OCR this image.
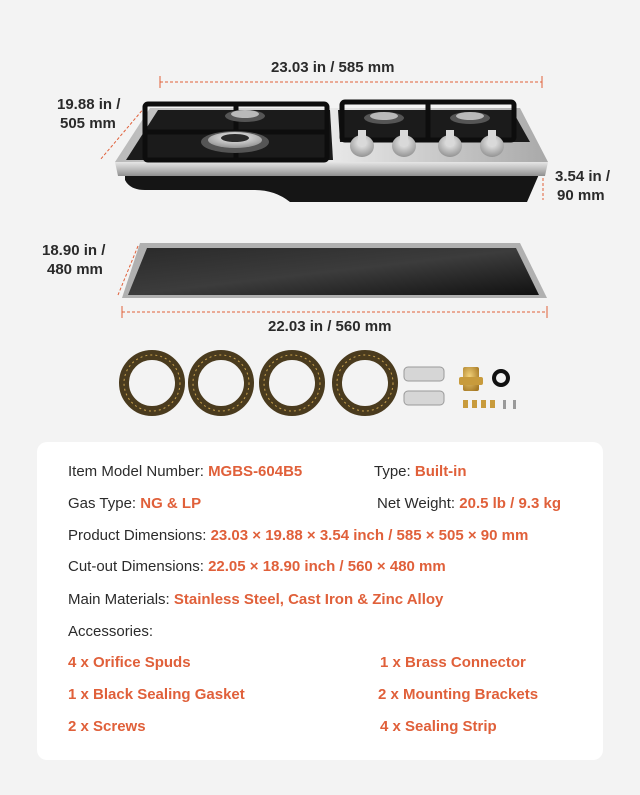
23.03 in / 585 mm
19.88 in /
505 mm
3.54 in /
90 mm
18.90 in /
480 mm
22.03 in / 560 mm
Item Model Number: MGBS-604B5	Type: Built-in
Gas Type: NG & LP	Net Weight: 20.5 lb / 9.3 kg
Product Dimensions: 23.03 × 19.88 × 3.54 inch / 585 × 505 × 90 mm
Cut-out Dimensions: 22.05 × 18.90 inch / 560 × 480 mm
Main Materials: Stainless Steel, Cast Iron & Zinc Alloy
Accessories:
4 x Orifice Spuds	1 x Brass Connector
1 x Black Sealing Gasket	2 x Mounting Brackets
2 x Screws	4 x Sealing Strip
